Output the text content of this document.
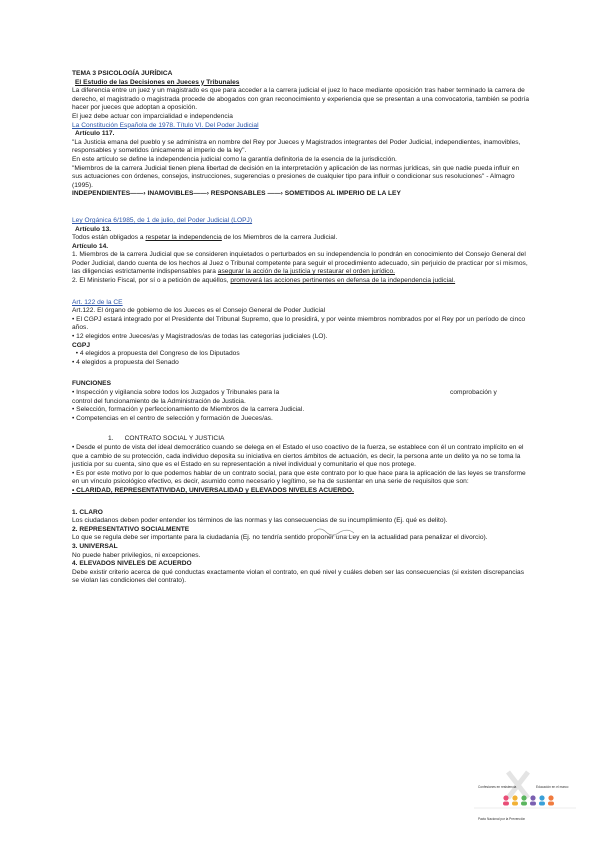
TEMA 3 PSICOLOGÍA JURÍDICA

El Estudio de las Decisiones en Jueces y Tribunales

La diferencia entre un juez y un magistrado es que para acceder a la carrera judicial el juez lo hace mediante oposición tras haber terminado la carrera de derecho, el magistrado o magistrada procede de abogados con gran reconocimiento y experiencia que se presentan a una convocatoria, también se podría hacer por jueces que adoptan a oposición.

El juez debe actuar con imparcialidad e independencia

La Constitución Española de 1978. Título VI. Del Poder Judicial

Artículo 117.

"La Justicia emana del pueblo y se administra en nombre del Rey por Jueces y Magistrados integrantes del Poder Judicial, independientes, inamovibles, responsables y sometidos únicamente al imperio de la ley".

En este artículo se define la independencia judicial como la garantía definitoria de la esencia de la jurisdicción.

"Miembros de la carrera Judicial tienen plena libertad de decisión en la interpretación y aplicación de las normas jurídicas, sin que nadie pueda influir en sus actuaciones con órdenes, consejos, instrucciones, sugerencias o presiones de cualquier tipo para influir o condicionar sus resoluciones" - Almagro (1995).

INDEPENDIENTES——› INAMOVIBLES——› RESPONSABLES ——› SOMETIDOS AL IMPERIO DE LA LEY

Ley Orgánica 6/1985, de 1 de julio, del Poder Judicial (LOPJ)

Artículo 13.

Todos están obligados a respetar la independencia de los Miembros de la carrera Judicial.

Artículo 14.

1. Miembros de la carrera Judicial que se consideren inquietados o perturbados en su independencia lo pondrán en conocimiento del Consejo General del Poder Judicial, dando cuenta de los hechos al Juez o Tribunal competente para seguir el procedimiento adecuado, sin perjuicio de practicar por sí mismos, las diligencias estrictamente indispensables para asegurar la acción de la justicia y restaurar el orden jurídico.

2. El Ministerio Fiscal, por sí o a petición de aquéllos, promoverá las acciones pertinentes en defensa de la independencia judicial.

Art. 122 de la CE

Art.122. El órgano de gobierno de los Jueces es el Consejo General de Poder Judicial

• El CGPJ estará integrado por el Presidente del Tribunal Supremo, que lo presidirá, y por veinte miembros nombrados por el Rey por un período de cinco años.

• 12 elegidos entre Jueces/as y Magistrados/as de todas las categorías judiciales (LO).

CGPJ

• 4 elegidos a propuesta del Congreso de los Diputados

• 4 elegidos a propuesta del Senado

FUNCIONES

• Inspección y vigilancia sobre todos los Juzgados y Tribunales para la	comprobación y

control del funcionamiento de la Administración de Justicia.

• Selección, formación y perfeccionamiento de Miembros de la carrera Judicial.

• Competencias en el centro de selección y formación de Jueces/as.

1.      CONTRATO SOCIAL Y JUSTICIA

• Desde el punto de vista del ideal democrático cuando se delega en el Estado el uso coactivo de la fuerza, se establece con él un contrato implícito en el que a cambio de su protección, cada individuo deposita su iniciativa en ciertos ámbitos de actuación, es decir, la persona ante un delito ya no se toma la justicia por su cuenta, sino que es el Estado en su representación a nivel individual y comunitario el que nos protege.

• Es por este motivo por lo que podemos hablar de un contrato social, para que este contrato por lo que hace para la aplicación de las leyes se transforme en un vínculo psicológico efectivo, es decir, asumido como necesario y legítimo, se ha de sustentar en una serie de requisitos que son:

• CLARIDAD, REPRESENTATIVIDAD, UNIVERSALIDAD y ELEVADOS NIVELES ACUERDO.

1. CLARO

Los ciudadanos deben poder entender los términos de las normas y las consecuencias de su incumplimiento (Ej. qué es delito).

2. REPRESENTATIVO SOCIALMENTE

Lo que se regula debe ser importante para la ciudadanía (Ej. no tendría sentido proponer una Ley en la actualidad para penalizar el divorcio).

3. UNIVERSAL

No puede haber privilegios, ni excepciones.

4. ELEVADOS NIVELES DE ACUERDO

Debe existir criterio acerca de qué conductas exactamente violan el contrato, en qué nivel y cuáles deben ser las consecuencias (si existen discrepancias se violan las condiciones del contrato).

Confesiones en resistencia	Educación en el marco
Pacto Nacional por la Prevención
